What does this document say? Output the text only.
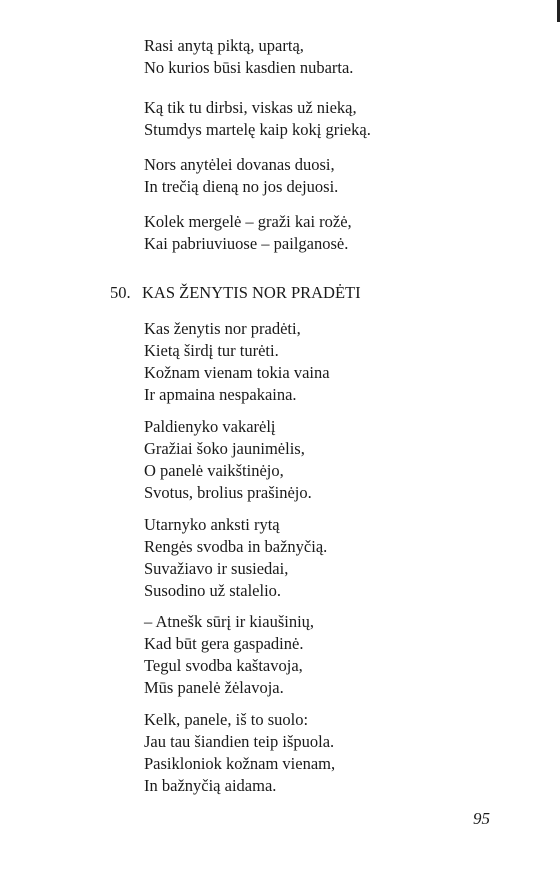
Rasi anytą piktą, upartą,
No kurios būsi kasdien nubarta.
Ką tik tu dirbsi, viskas už nieką,
Stumdys martelę kaip kokį grieką.
Nors anytėlei dovanas duosi,
In trečią dieną no jos dejuosi.
Kolek mergelė – graži kai rožė,
Kai pabriuviuose – pailganosė.
50. KAS ŽENYTIS NOR PRADĖTI
Kas ženytis nor pradėti,
Kietą širdį tur turėti.
Kožnam vienam tokia vaina
Ir apmaina nespakaina.
Paldienyko vakarėlį
Gražiai šoko jaunimėlis,
O panelė vaikštinėjo,
Svotus, brolius prašinėjo.
Utarnyko anksti rytą
Rengės svodba in bažnyčią.
Suvažiavo ir susiedai,
Susodino už stalelio.
– Atnešk sūrį ir kiaušinių,
Kad būt gera gaspadinė.
Tegul svodba kaštavoja,
Mūs panelė žėlavoja.
Kelk, panele, iš to suolo:
Jau tau šiandien teip išpuola.
Pasikloniok kožnam vienam,
In bažnyčią aidama.
95
